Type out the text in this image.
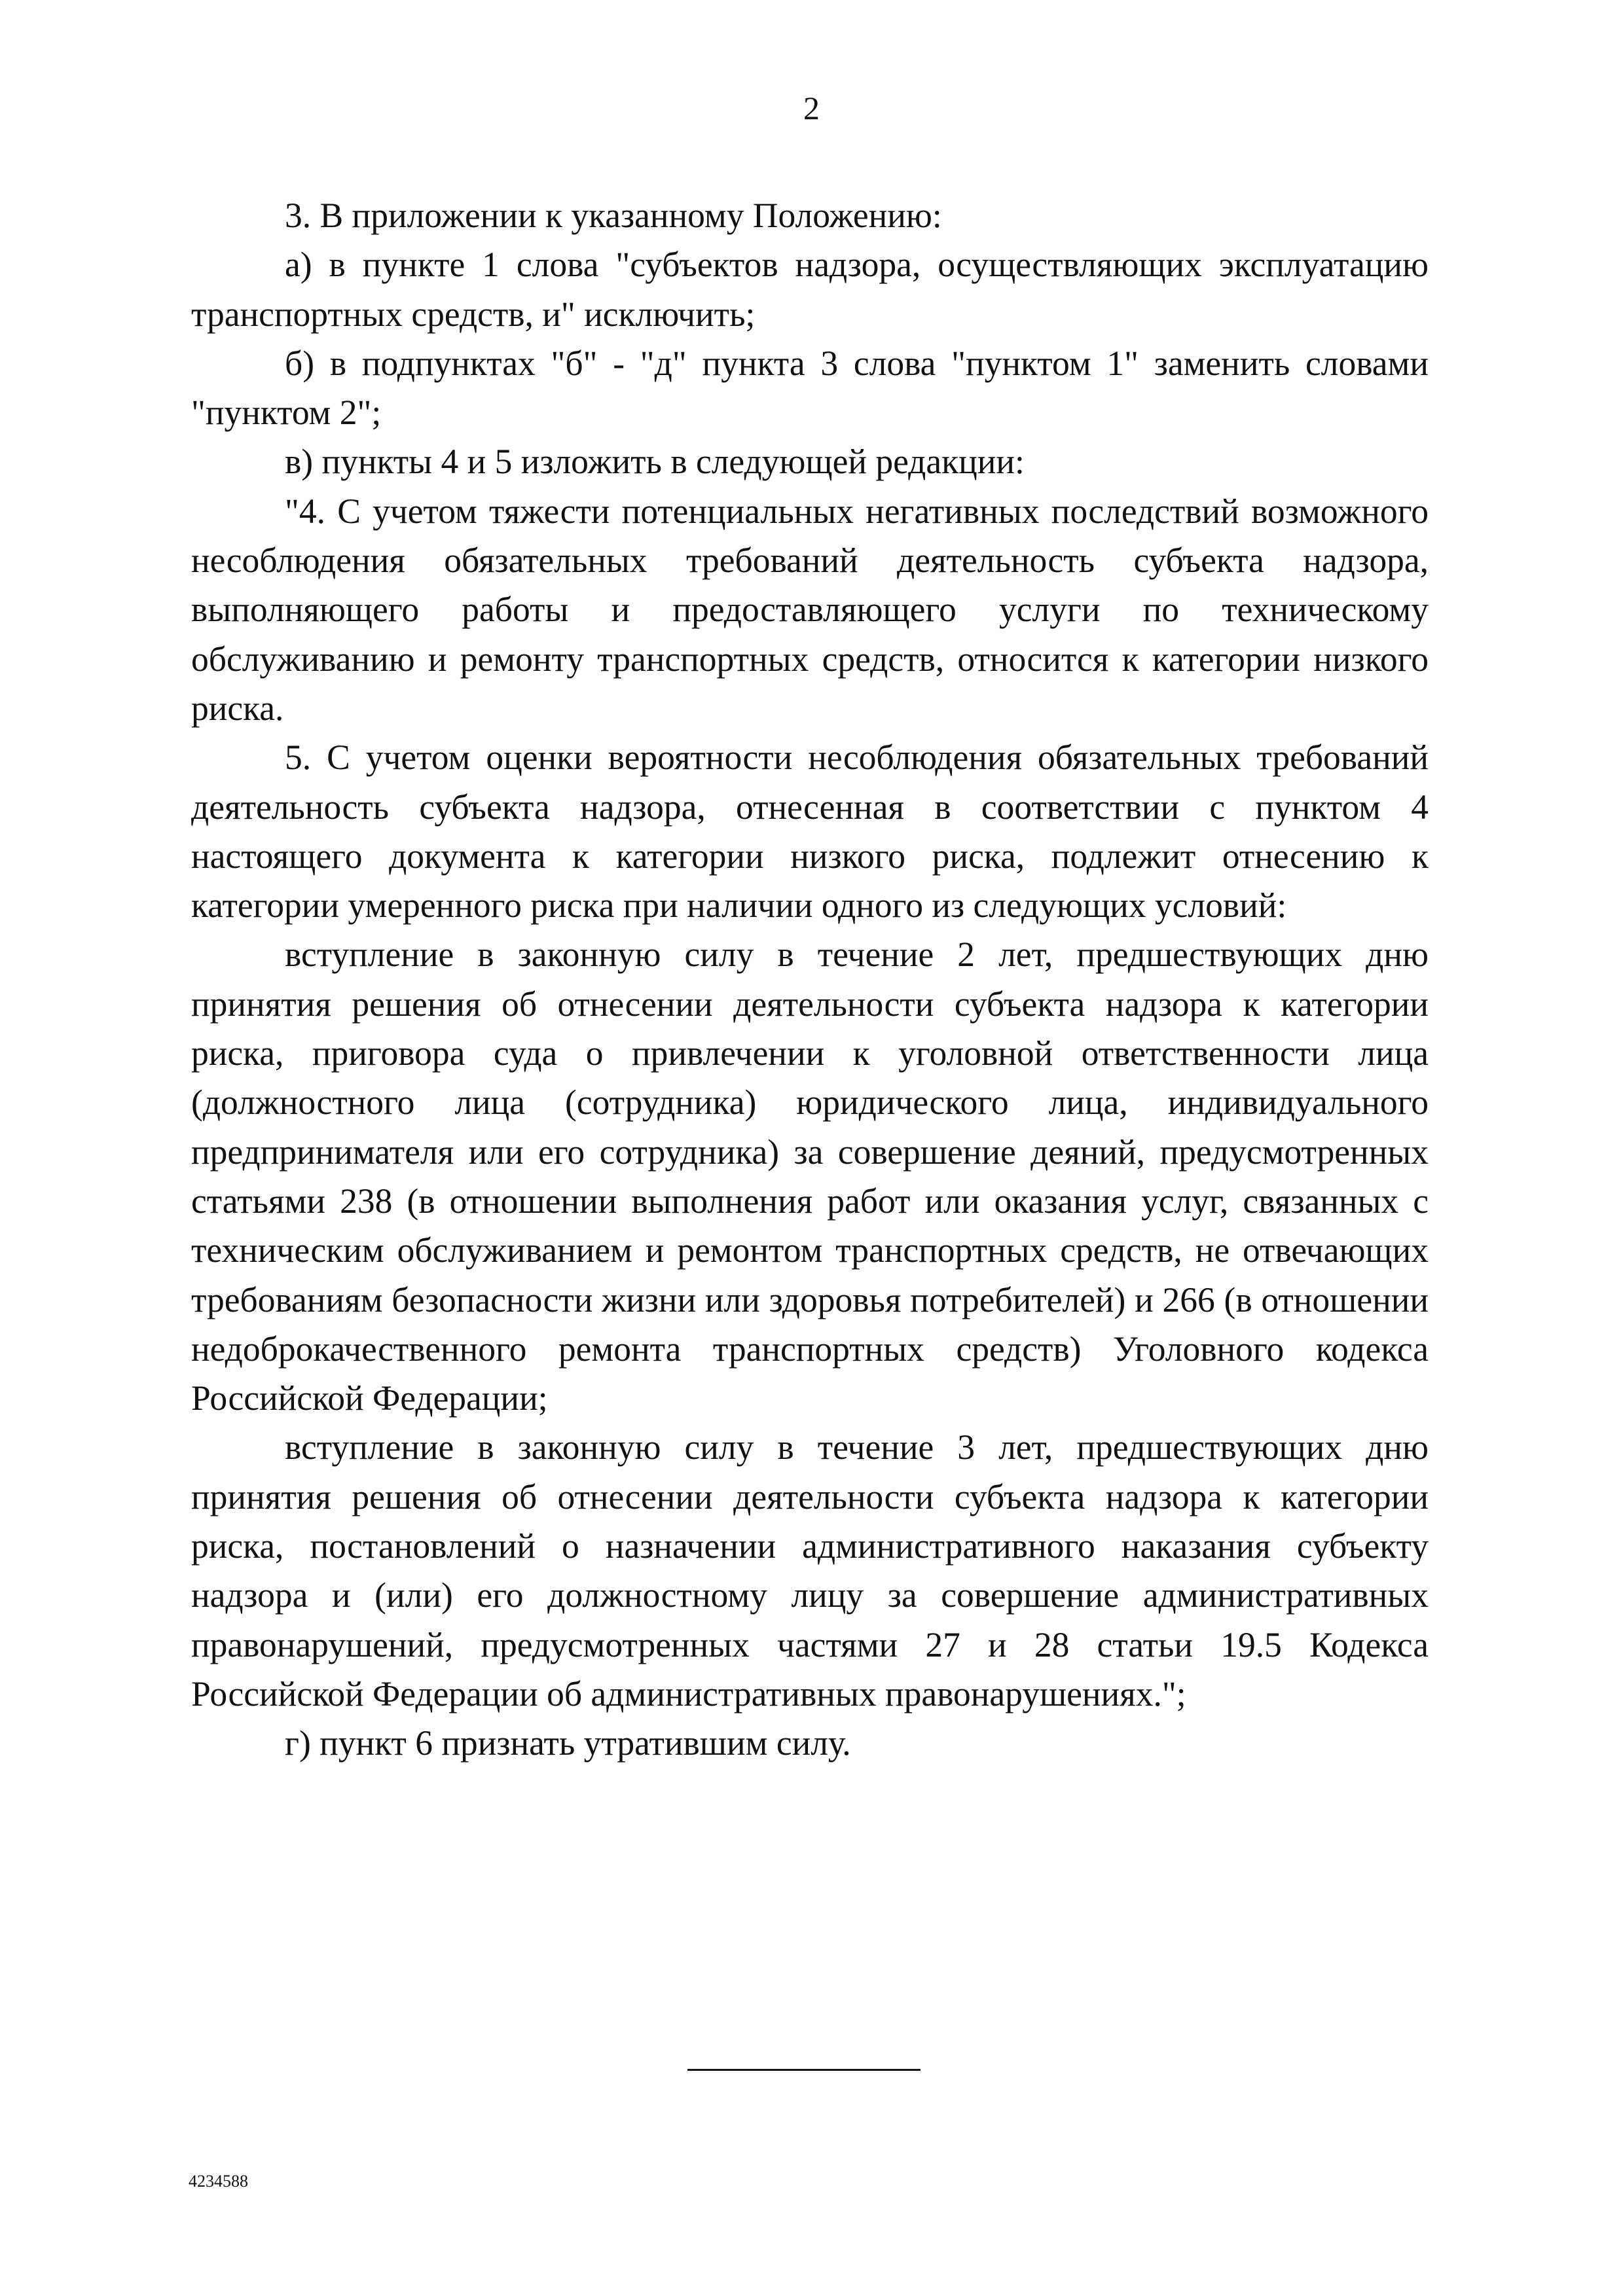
2

3. В приложении к указанному Положению:

а) в пункте 1 слова "субъектов надзора, осуществляющих эксплуатацию транспортных средств, и" исключить;

б) в подпунктах "б" - "д" пункта 3 слова "пунктом 1" заменить словами "пунктом 2";

в) пункты 4 и 5 изложить в следующей редакции:

"4. С учетом тяжести потенциальных негативных последствий возможного несоблюдения обязательных требований деятельность субъекта надзора, выполняющего работы и предоставляющего услуги по техническому обслуживанию и ремонту транспортных средств, относится к категории низкого риска.

5. С учетом оценки вероятности несоблюдения обязательных требований деятельность субъекта надзора, отнесенная в соответствии с пунктом 4 настоящего документа к категории низкого риска, подлежит отнесению к категории умеренного риска при наличии одного из следующих условий:

вступление в законную силу в течение 2 лет, предшествующих дню принятия решения об отнесении деятельности субъекта надзора к категории риска, приговора суда о привлечении к уголовной ответственности лица (должностного лица (сотрудника) юридического лица, индивидуального предпринимателя или его сотрудника) за совершение деяний, предусмотренных статьями 238 (в отношении выполнения работ или оказания услуг, связанных с техническим обслуживанием и ремонтом транспортных средств, не отвечающих требованиям безопасности жизни или здоровья потребителей) и 266 (в отношении недоброкачественного ремонта транспортных средств) Уголовного кодекса Российской Федерации;

вступление в законную силу в течение 3 лет, предшествующих дню принятия решения об отнесении деятельности субъекта надзора к категории риска, постановлений о назначении административного наказания субъекту надзора и (или) его должностному лицу за совершение административных правонарушений, предусмотренных частями 27 и 28 статьи 19.5 Кодекса Российской Федерации об административных правонарушениях.";

г) пункт 6 признать утратившим силу.

4234588
